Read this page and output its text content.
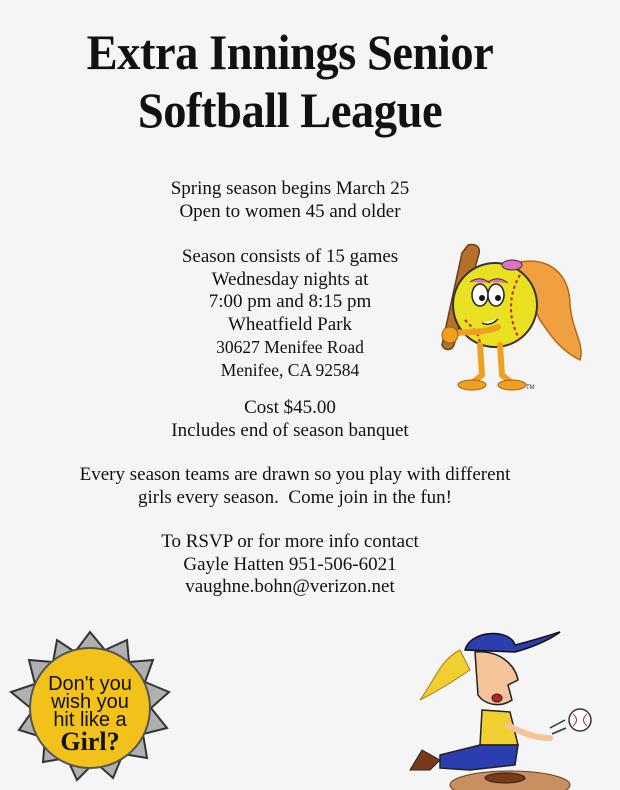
Extra Innings Senior
Softball League
Spring season begins March 25
Open to women 45 and older
Season consists of 15 games
Wednesday nights at
7:00 pm and 8:15 pm
Wheatfield Park
30627 Menifee Road
Menifee, CA 92584
Cost $45.00
Includes end of season banquet
Every season teams are drawn so you play with different
girls every season.  Come join in the fun!
To RSVP or for more info contact
Gayle Hatten 951-506-6021
vaughne.bohn@verizon.net
TM
Don't you
wish you
hit like a
Girl?
